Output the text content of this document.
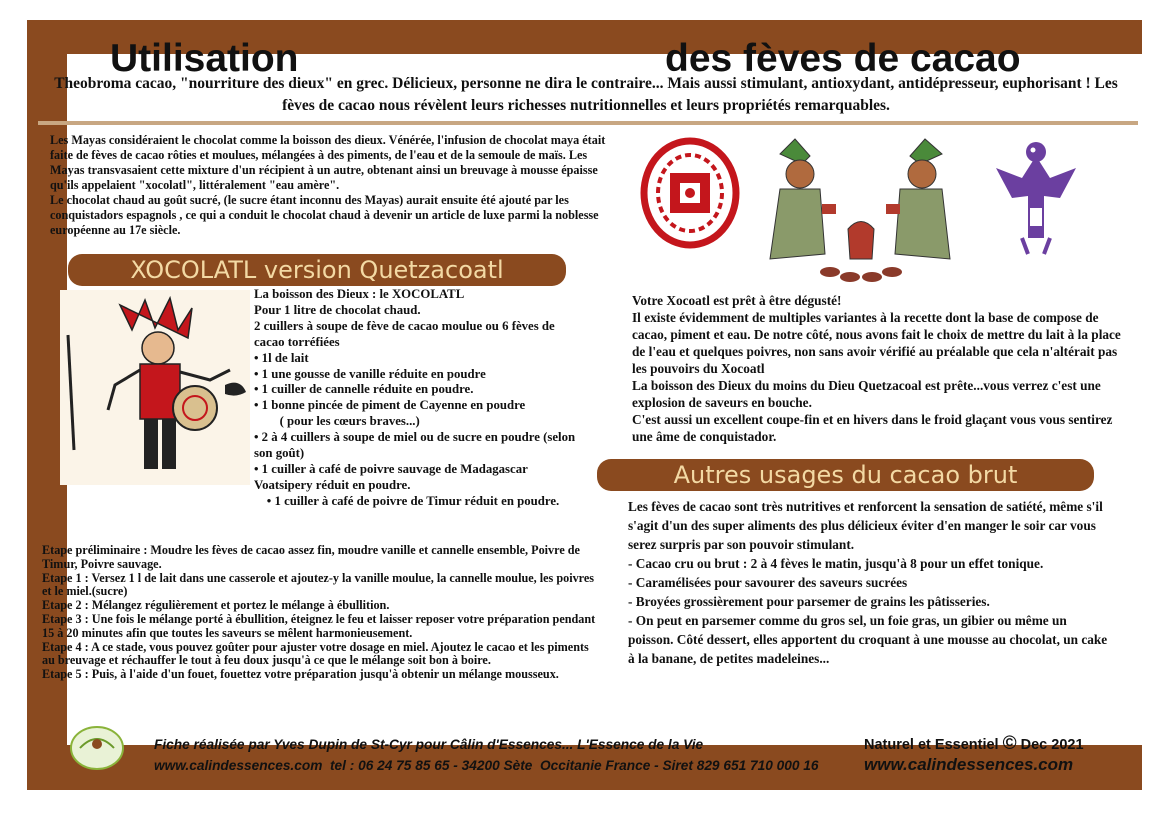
Utilisation	des fèves de cacao
Theobroma cacao, "nourriture des dieux" en grec. Délicieux, personne ne dira le contraire... Mais aussi stimulant, antioxydant, antidépresseur, euphorisant ! Les fèves de cacao nous révèlent leurs richesses nutritionnelles et leurs propriétés remarquables.

Les Mayas considéraient le chocolat comme la boisson des dieux. Vénérée, l'infusion de chocolat maya était faite de fèves de cacao rôties et moulues, mélangées à des piments, de l'eau et de la semoule de maïs. Les Mayas transvasaient cette mixture d'un récipient à un autre, obtenant ainsi un breuvage à mousse épaisse qu'ils appelaient "xocolatl", littéralement "eau amère".

Le chocolat chaud au goût sucré, (le sucre étant inconnu des Mayas) aurait ensuite été ajouté par les conquistadors espagnols , ce qui a conduit le chocolat chaud à devenir un article de luxe parmi la noblesse européenne au 17e siècle.

XOCOLATL version Quetzacoatl
La boisson des Dieux : le XOCOLATL
Pour 1 litre de chocolat chaud.
2 cuillers à soupe de fève de cacao moulue ou 6 fèves de cacao torréfiées
• 1l de lait
• 1 une gousse de vanille réduite en poudre
• 1 cuiller de cannelle réduite en poudre.
• 1 bonne pincée de piment de Cayenne en poudre
( pour les cœurs braves...)
• 2 à 4 cuillers à soupe de miel ou de sucre en poudre (selon son goût)
• 1 cuiller à café de poivre sauvage de Madagascar Voatsipery réduit en poudre.
• 1 cuiller à café de poivre de Timur réduit en poudre.
Etape préliminaire : Moudre les fèves de cacao assez fin, moudre vanille et cannelle ensemble, Poivre de Timur, Poivre sauvage.
Etape 1 : Versez 1 l de lait dans une casserole et ajoutez-y la vanille moulue, la cannelle moulue, les poivres et le miel.(sucre)
Etape 2 : Mélangez régulièrement et portez le mélange à ébullition.
Etape 3 : Une fois le mélange porté à ébullition, éteignez le feu et laisser reposer votre préparation pendant 15 à 20 minutes afin que toutes les saveurs se mêlent harmonieusement.
Etape 4 : A ce stade, vous pouvez goûter pour ajuster votre dosage en miel. Ajoutez le cacao et les piments au breuvage et réchauffer le tout à feu doux jusqu'à ce que le mélange soit bon à boire.
Etape 5 : Puis, à l'aide d'un fouet, fouettez votre préparation jusqu'à obtenir un mélange mousseux.
Votre Xocoatl est prêt à être dégusté!
Il existe évidemment de multiples variantes à la recette dont la base de compose de cacao, piment et eau. De notre côté, nous avons fait le choix de mettre du lait à la place de l'eau et quelques poivres, non sans avoir vérifié au préalable que cela n'altérait pas les pouvoirs du Xocoatl
La boisson des Dieux du moins du Dieu Quetzacoal est prête...vous verrez c'est une explosion de saveurs en bouche.
C'est aussi un excellent coupe-fin et en hivers dans le froid glaçant vous vous sentirez une âme de conquistador.
Autres usages du cacao brut
Les fèves de cacao sont très nutritives et renforcent la sensation de satiété, même s'il s'agit d'un des super aliments des plus délicieux éviter d'en manger le soir car vous serez surpris par son pouvoir stimulant.
- Cacao cru ou brut : 2 à 4 fèves le matin, jusqu'à 8 pour un effet tonique.
- Caramélisées pour savourer des saveurs sucrées
- Broyées grossièrement pour parsemer de grains les pâtisseries.
- On peut en parsemer comme du gros sel, un foie gras, un gibier ou même un poisson. Côté dessert, elles apportent du croquant à une mousse au chocolat, un cake à la banane, de petites madeleines...
Fiche réalisée par Yves Dupin de St-Cyr pour Câlin d'Essences... L'Essence de la Vie
www.calindessences.com  tel : 06 24 75 85 65 - 34200 Sète  Occitanie France - Siret 829 651 710 000 16
Naturel et Essentiel © Dec 2021
www.calindessences.com
